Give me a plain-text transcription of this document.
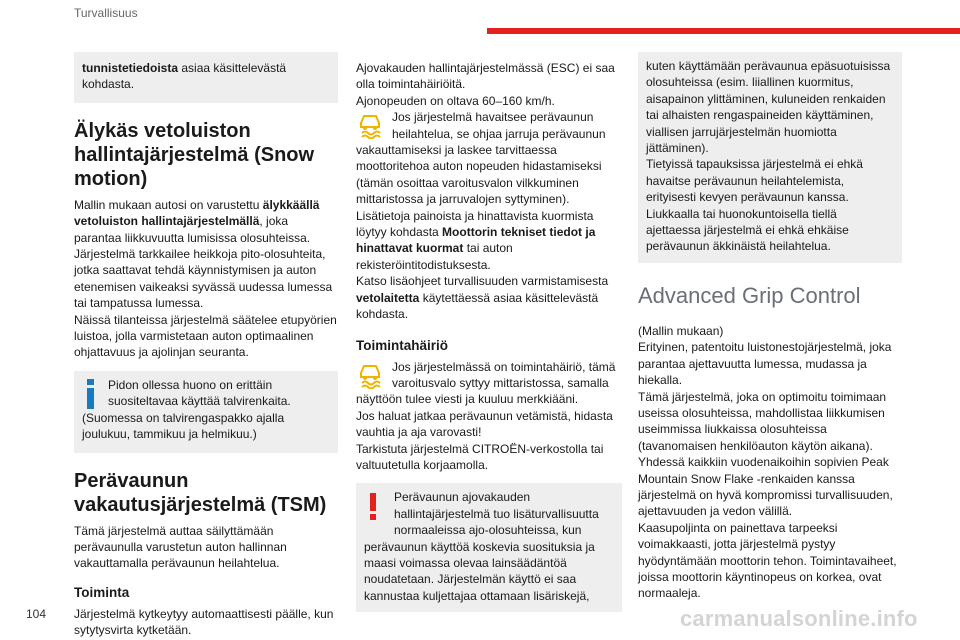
Turvallisuus

tunnistetiedoista asiaa käsittelevästä kohdasta.

Älykäs vetoluiston hallintajärjestelmä (Snow motion)

Mallin mukaan autosi on varustettu älykkäällä vetoluiston hallintajärjestelmällä, joka parantaa liikkuvuutta lumisissa olosuhteissa.

Järjestelmä tarkkailee heikkoja pito-olosuhteita, jotka saattavat tehdä käynnistymisen ja auton etenemisen vaikeaksi syvässä uudessa lumessa tai tampatussa lumessa.

Näissä tilanteissa järjestelmä säätelee etupyörien luistoa, jolla varmistetaan auton optimaalinen ohjattavuus ja ajolinjan seuranta.

Pidon ollessa huono on erittäin suositeltavaa käyttää talvirenkaita.

(Suomessa on talvirengaspakko ajalla joulukuu, tammikuu ja helmikuu.)

Perävaunun vakautusjärjestelmä (TSM)

Tämä järjestelmä auttaa säilyttämään perävaunulla varustetun auton hallinnan vakauttamalla perävaunun heilahtelua.

Toiminta

Järjestelmä kytkeytyy automaattisesti päälle, kun sytytysvirta kytketään.

Ajovakauden hallintajärjestelmässä (ESC) ei saa olla toimintahäiriöitä.

Ajonopeuden on oltava 60–160 km/h.

Jos järjestelmä havaitsee perävaunun heilahtelua, se ohjaa jarruja perävaunun vakauttamiseksi ja laskee tarvittaessa moottoritehoa auton nopeuden hidastamiseksi (tämän osoittaa varoitusvalon vilkkuminen mittaristossa ja jarruvalojen syttyminen).

Lisätietoja painoista ja hinattavista kuormista löytyy kohdasta Moottorin tekniset tiedot ja hinattavat kuormat tai auton rekisteröintitodistuksesta.

Katso lisäohjeet turvallisuuden varmistamisesta vetolaitetta käytettäessä asiaa käsittelevästä kohdasta.

Toimintahäiriö

Jos järjestelmässä on toimintahäiriö, tämä varoitusvalo syttyy mittaristossa, samalla näyttöön tulee viesti ja kuuluu merkkiääni.

Jos haluat jatkaa perävaunun vetämistä, hidasta vauhtia ja aja varovasti!

Tarkistuta järjestelmä CITROËN-verkostolla tai valtuutetulla korjaamolla.

Perävaunun ajovakauden hallintajärjestelmä tuo lisäturvallisuutta normaaleissa ajo-olosuhteissa, kun perävaunun käyttöä koskevia suosituksia ja maasi voimassa olevaa lainsäädäntöä noudatetaan. Järjestelmän käyttö ei saa kannustaa kuljettajaa ottamaan lisäriskejä,

kuten käyttämään perävaunua epäsuotuisissa olosuhteissa (esim. liiallinen kuormitus, aisapainon ylittäminen, kuluneiden renkaiden tai alhaisten rengaspaineiden käyttäminen, viallisen jarrujärjestelmän huomiotta jättäminen).

Tietyissä tapauksissa järjestelmä ei ehkä havaitse perävaunun heilahtelemista, erityisesti kevyen perävaunun kanssa.

Liukkaalla tai huonokuntoisella tiellä ajettaessa järjestelmä ei ehkä ehkäise perävaunun äkkinäistä heilahtelua.

Advanced Grip Control

(Mallin mukaan)

Erityinen, patentoitu luistonestojärjestelmä, joka parantaa ajettavuutta lumessa, mudassa ja hiekalla.

Tämä järjestelmä, joka on optimoitu toimimaan useissa olosuhteissa, mahdollistaa liikkumisen useimmissa liukkaissa olosuhteissa (tavanomaisen henkilöauton käytön aikana).

Yhdessä kaikkiin vuodenaikoihin sopivien Peak Mountain Snow Flake -renkaiden kanssa järjestelmä on hyvä kompromissi turvallisuuden, ajettavuuden ja vedon välillä.

Kaasupoljinta on painettava tarpeeksi voimakkaasti, jotta järjestelmä pystyy hyödyntämään moottorin tehon. Toimintavaiheet, joissa moottorin käyntinopeus on korkea, ovat normaaleja.

104	carmanualsonline.info
